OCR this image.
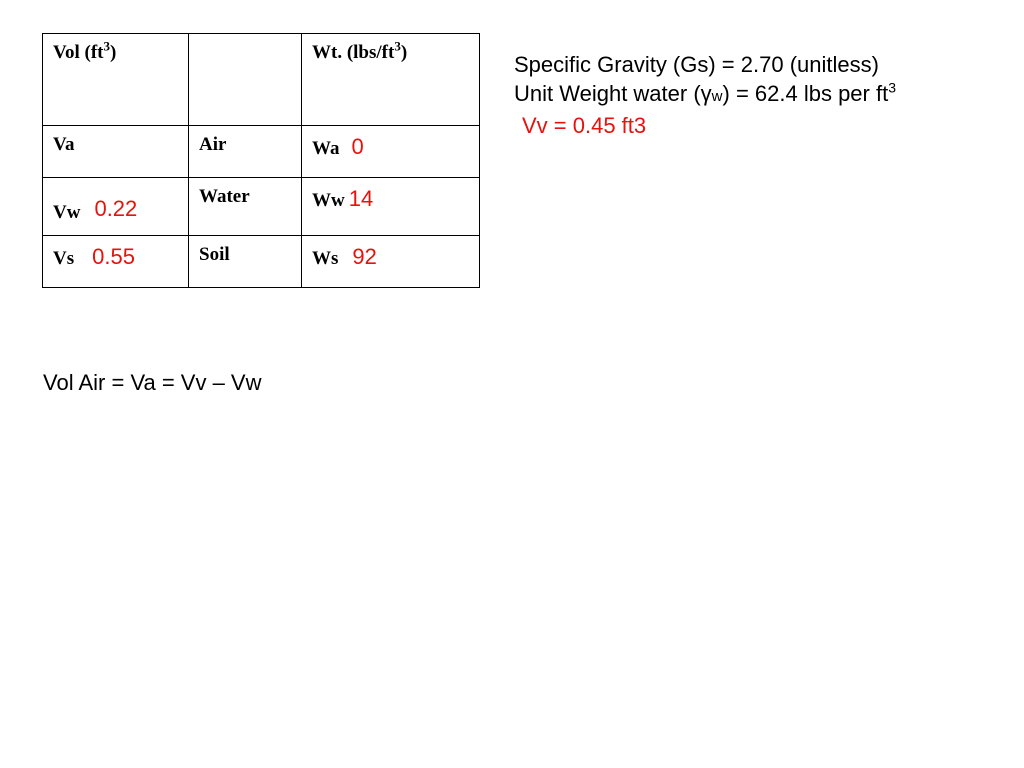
Vol $(ft^3)$		Wt. $(lbs/ft^3)$
Va	Air	Wa 0
Vw 0.22	Water	Ww 14
Vs 0.55	Soil	Ws 92
Specific Gravity (Gs) = 2.70 (unitless)
Unit Weight water (γw) = 62.4 lbs per $ft^3$
Vv = 0.45 ft3
Vol Air = Va = Vv – Vw
